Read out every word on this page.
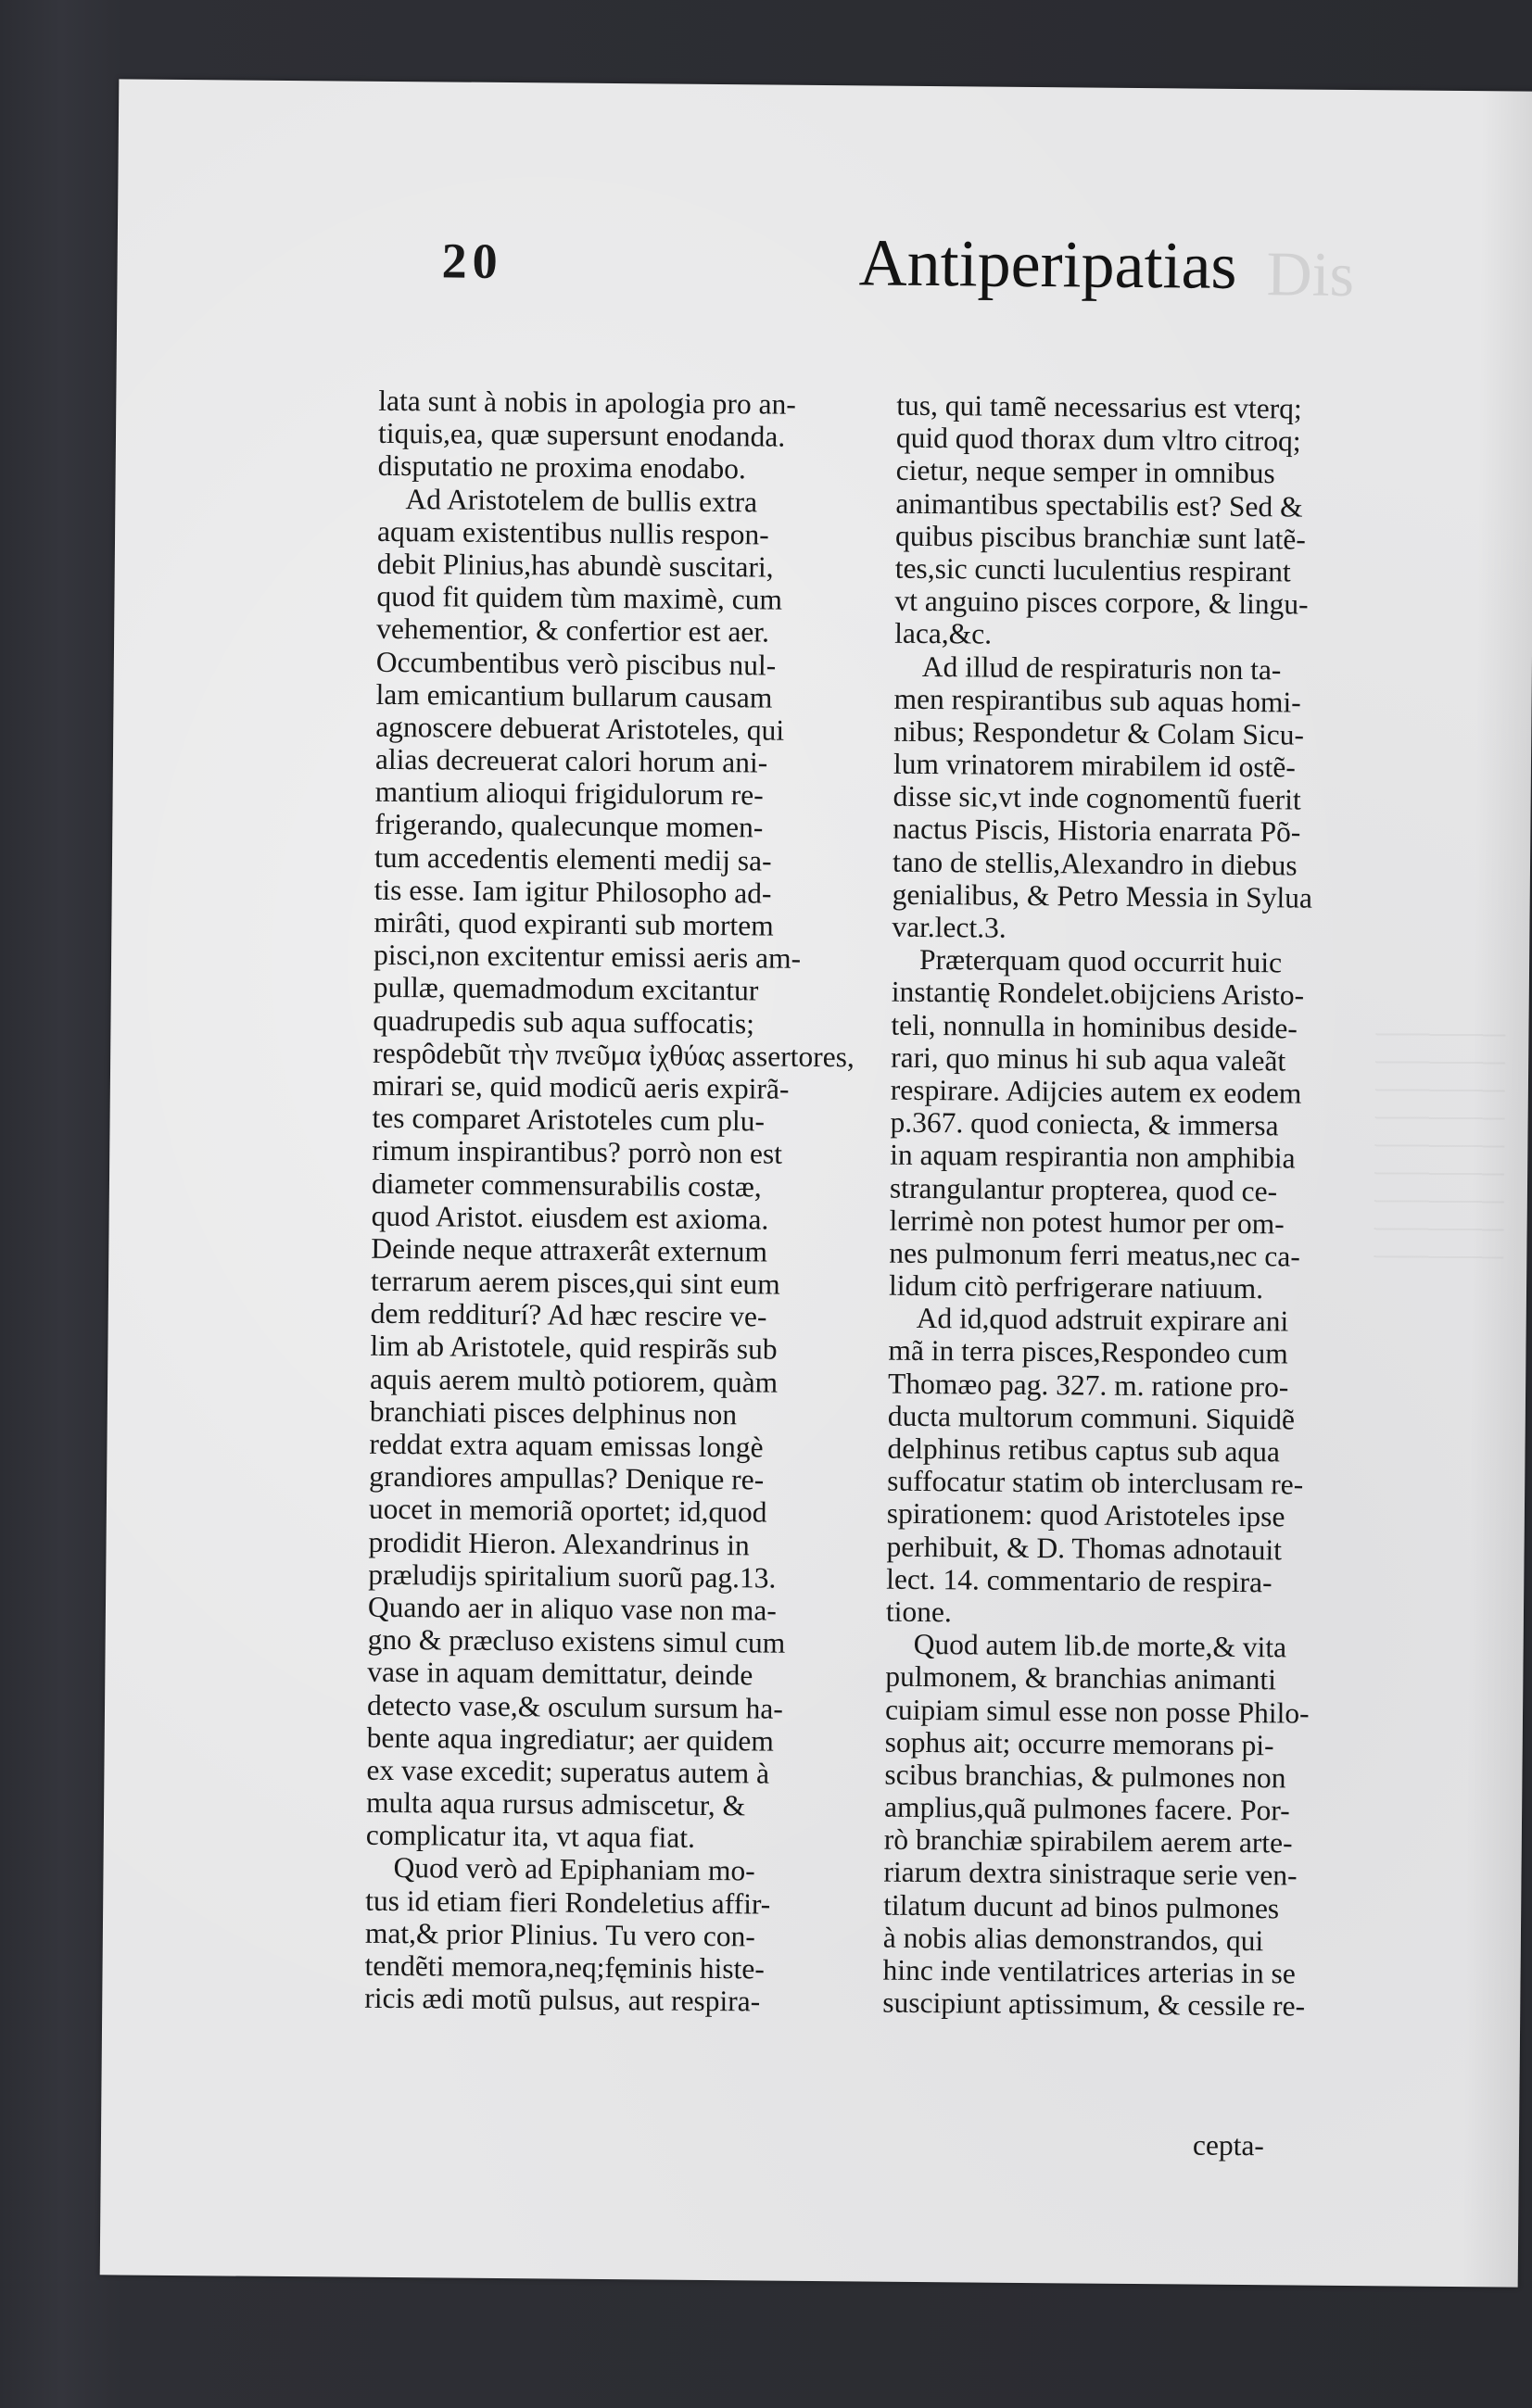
20	Antiperipatias Dis
lata sunt à nobis in apologia pro an-
tiquis,ea, quæ supersunt enodanda.
disputatio ne proxima enodabo.
Ad Aristotelem de bullis extra
aquam existentibus nullis respon-
debit Plinius,has abundè suscitari,
quod fit quidem tùm maximè, cum
vehementior, & confertior est aer.
Occumbentibus verò piscibus nul-
lam emicantium bullarum causam
agnoscere debuerat Aristoteles, qui
alias decreuerat calori horum ani-
mantium alioqui frigidulorum re-
frigerando, qualecunque momen-
tum accedentis elementi medij sa-
tis esse. Iam igitur Philosopho ad-
mirâti, quod expiranti sub mortem
pisci,non excitentur emissi aeris am-
pullæ, quemadmodum excitantur
quadrupedis sub aqua suffocatis;
respôdebũt τὴν πνεῦμα ἰχθύας assertores,
mirari se, quid modicũ aeris expirã-
tes comparet Aristoteles cum plu-
rimum inspirantibus? porrò non est
diameter commensurabilis costæ,
quod Aristot. eiusdem est axioma.
Deinde neque attraxerât externum
terrarum aerem pisces,qui sint eum
dem redditurí? Ad hæc rescire ve-
lim ab Aristotele, quid respirãs sub
aquis aerem multò potiorem, quàm
branchiati pisces delphinus non
reddat extra aquam emissas longè
grandiores ampullas? Denique re-
uocet in memoriã oportet; id,quod
prodidit Hieron. Alexandrinus in
præludijs spiritalium suorũ pag.13.
Quando aer in aliquo vase non ma-
gno & præcluso existens simul cum
vase in aquam demittatur, deinde
detecto vase,& osculum sursum ha-
bente aqua ingrediatur; aer quidem
ex vase excedit; superatus autem à
multa aqua rursus admiscetur, &
complicatur ita, vt aqua fiat.
Quod verò ad Epiphaniam mo-
tus id etiam fieri Rondeletius affir-
mat,& prior Plinius. Tu vero con-
tendẽti memora,neq;fęminis histe-
ricis ædi motũ pulsus, aut respira-
tus, qui tamẽ necessarius est vterq;
quid quod thorax dum vltro citroq;
cietur, neque semper in omnibus
animantibus spectabilis est? Sed &
quibus piscibus branchiæ sunt latẽ-
tes,sic cuncti luculentius respirant
vt anguino pisces corpore, & lingu-
laca,&c.
Ad illud de respiraturis non ta-
men respirantibus sub aquas homi-
nibus; Respondetur & Colam Sicu-
lum vrinatorem mirabilem id ostẽ-
disse sic,vt inde cognomentũ fuerit
nactus Piscis, Historia enarrata Põ-
tano de stellis,Alexandro in diebus
genialibus, & Petro Messia in Sylua
var.lect.3.
Præterquam quod occurrit huic
instantię Rondelet.obijciens Aristo-
teli, nonnulla in hominibus deside-
rari, quo minus hi sub aqua valeãt
respirare. Adijcies autem ex eodem
p.367. quod coniecta, & immersa
in aquam respirantia non amphibia
strangulantur propterea, quod ce-
lerrimè non potest humor per om-
nes pulmonum ferri meatus,nec ca-
lidum citò perfrigerare natiuum.
Ad id,quod adstruit expirare ani
mã in terra pisces,Respondeo cum
Thomæo pag. 327. m. ratione pro-
ducta multorum communi. Siquidẽ
delphinus retibus captus sub aqua
suffocatur statim ob interclusam re-
spirationem: quod Aristoteles ipse
perhibuit, & D. Thomas adnotauit
lect. 14. commentario de respira-
tione.
Quod autem lib.de morte,& vita
pulmonem, & branchias animanti
cuipiam simul esse non posse Philo-
sophus ait; occurre memorans pi-
scibus branchias, & pulmones non
amplius,quã pulmones facere. Por-
rò branchiæ spirabilem aerem arte-
riarum dextra sinistraque serie ven-
tilatum ducunt ad binos pulmones
à nobis alias demonstrandos, qui
hinc inde ventilatrices arterias in se
suscipiunt aptissimum, & cessile re-
cepta-
